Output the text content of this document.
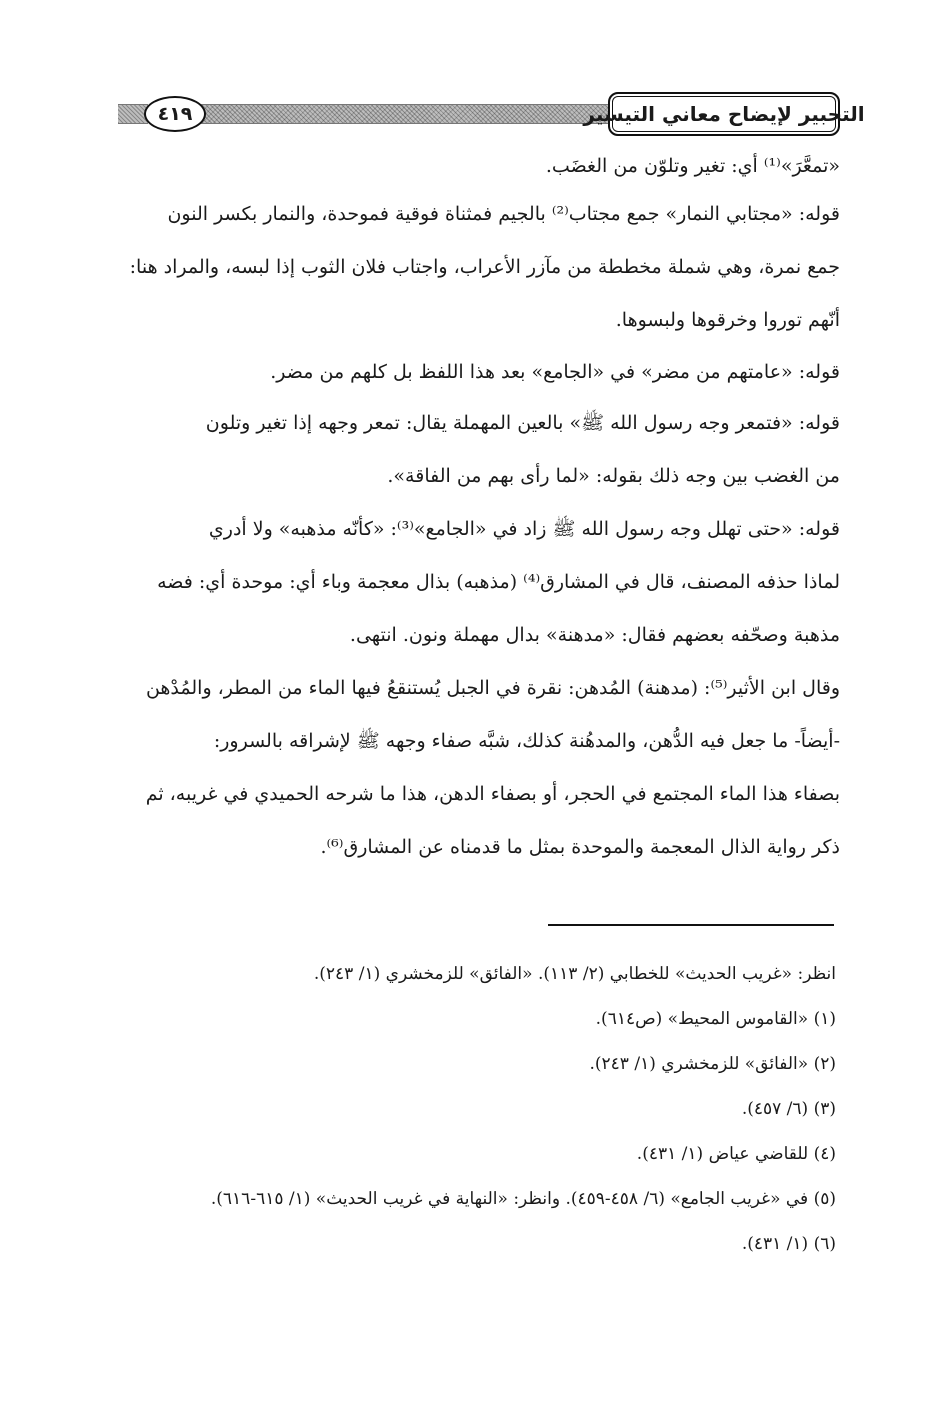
٤١٩	التحبير لإيضاح معاني التيسير
«تمعَّرَ»⁽¹⁾ أي: تغير وتلوّن من الغضَب.
قوله: «مجتابي النمار» جمع مجتاب⁽²⁾ بالجيم فمثناة فوقية فموحدة، والنمار بكسر النون
جمع نمرة، وهي شملة مخططة من مآزر الأعراب، واجتاب فلان الثوب إذا لبسه، والمراد هنا:
أنّهم توروا وخرقوها ولبسوها.
قوله: «عامتهم من مضر» في «الجامع» بعد هذا اللفظ بل كلهم من مضر.
قوله: «فتمعر وجه رسول الله ﷺ» بالعين المهملة يقال: تمعر وجهه إذا تغير وتلون
من الغضب بين وجه ذلك بقوله: «لما رأى بهم من الفاقة».
قوله: «حتى تهلل وجه رسول الله ﷺ زاد في «الجامع»⁽³⁾: «كأنّه مذهبه» ولا أدري
لماذا حذفه المصنف، قال في المشارق⁽⁴⁾ (مذهبه) بذال معجمة وباء أي: موحدة أي: فضه
مذهبة وصحّفه بعضهم فقال: «مدهنة» بدال مهملة ونون. انتهى.
وقال ابن الأثير⁽⁵⁾: (مدهنة) المُدهن: نقرة في الجبل يُستنقعُ فيها الماء من المطر، والمُدْهن
-أيضاً- ما جعل فيه الدُّهن، والمدهُنة كذلك، شبَّه صفاء وجهه ﷺ لإشراقه بالسرور:
بصفاء هذا الماء المجتمع في الحجر، أو بصفاء الدهن، هذا ما شرحه الحميدي في غريبه، ثم
ذكر رواية الذال المعجمة والموحدة بمثل ما قدمناه عن المشارق⁽⁶⁾.
انظر: «غريب الحديث» للخطابي (٢/ ١١٣). «الفائق» للزمخشري (١/ ٢٤٣).
(١) «القاموس المحيط» (ص٦١٤).
(٢) «الفائق» للزمخشري (١/ ٢٤٣).
(٣) (٦/ ٤٥٧).
(٤) للقاضي عياض (١/ ٤٣١).
(٥) في «غريب الجامع» (٦/ ٤٥٨-٤٥٩). وانظر: «النهاية في غريب الحديث» (١/ ٦١٥-٦١٦).
(٦) (١/ ٤٣١).
